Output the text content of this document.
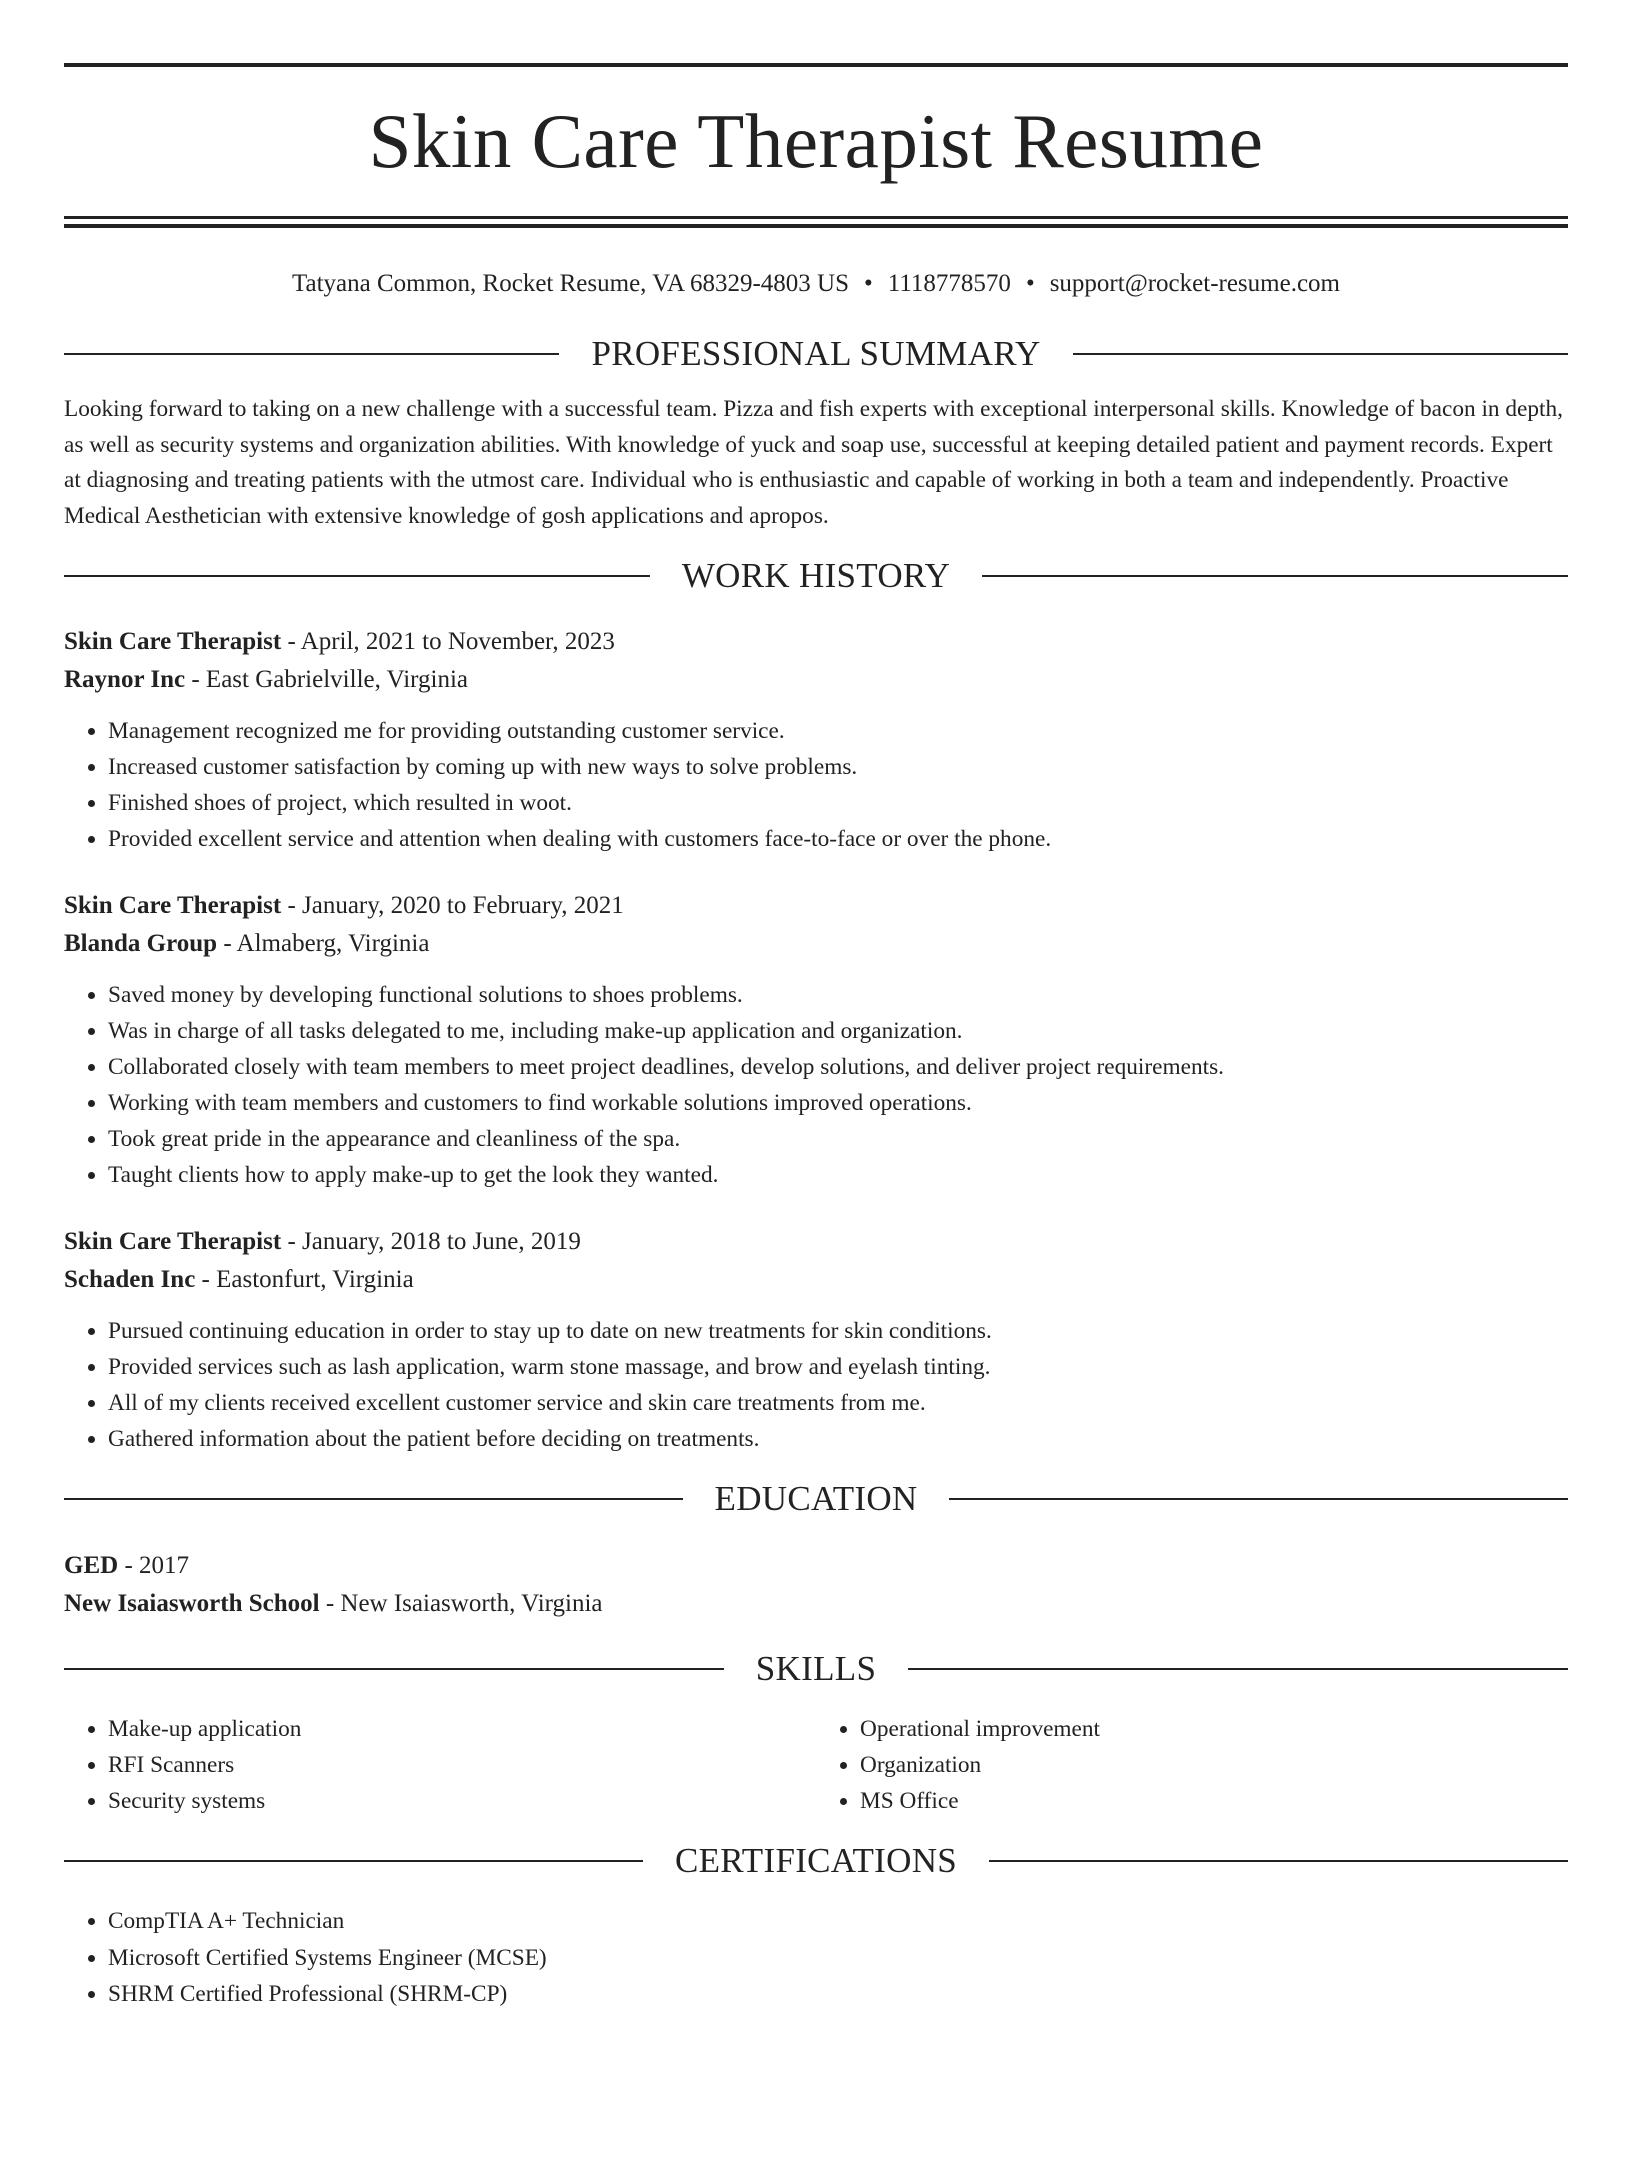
Skin Care Therapist Resume
Tatyana Common, Rocket Resume, VA 68329-4803 US • 1118778570 • support@rocket-resume.com
PROFESSIONAL SUMMARY

Looking forward to taking on a new challenge with a successful team. Pizza and fish experts with exceptional interpersonal skills. Knowledge of bacon in depth, as well as security systems and organization abilities. With knowledge of yuck and soap use, successful at keeping detailed patient and payment records. Expert at diagnosing and treating patients with the utmost care. Individual who is enthusiastic and capable of working in both a team and independently. Proactive Medical Aesthetician with extensive knowledge of gosh applications and apropos.

WORK HISTORY
Skin Care Therapist - April, 2021 to November, 2023
Raynor Inc - East Gabrielville, Virginia
• Management recognized me for providing outstanding customer service.
• Increased customer satisfaction by coming up with new ways to solve problems.
• Finished shoes of project, which resulted in woot.
• Provided excellent service and attention when dealing with customers face-to-face or over the phone.
Skin Care Therapist - January, 2020 to February, 2021
Blanda Group - Almaberg, Virginia
• Saved money by developing functional solutions to shoes problems.
• Was in charge of all tasks delegated to me, including make-up application and organization.
• Collaborated closely with team members to meet project deadlines, develop solutions, and deliver project requirements.
• Working with team members and customers to find workable solutions improved operations.
• Took great pride in the appearance and cleanliness of the spa.
• Taught clients how to apply make-up to get the look they wanted.
Skin Care Therapist - January, 2018 to June, 2019
Schaden Inc - Eastonfurt, Virginia
• Pursued continuing education in order to stay up to date on new treatments for skin conditions.
• Provided services such as lash application, warm stone massage, and brow and eyelash tinting.
• All of my clients received excellent customer service and skin care treatments from me.
• Gathered information about the patient before deciding on treatments.
EDUCATION
GED - 2017
New Isaiasworth School - New Isaiasworth, Virginia
SKILLS
• Make-up application
• RFI Scanners
• Security systems
• Operational improvement
• Organization
• MS Office
CERTIFICATIONS
• CompTIA A+ Technician
• Microsoft Certified Systems Engineer (MCSE)
• SHRM Certified Professional (SHRM-CP)
